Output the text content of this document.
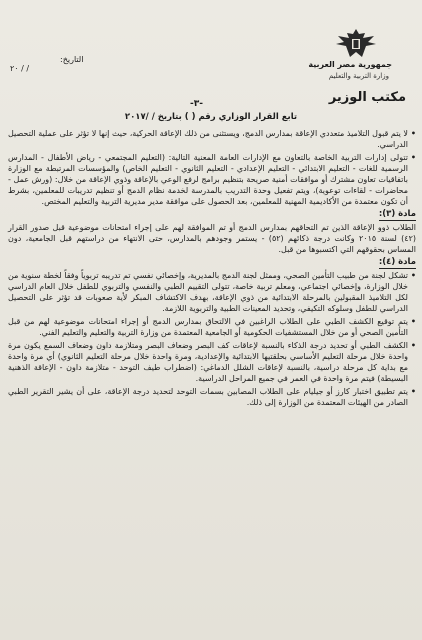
جمهورية مصر العربية
وزارة التربية والتعليم
مكتب الوزير
التاريخ:
٢٠ / /
-٣-
تابع القرار الوزاري رقم ( ) بتاريخ / /٢٠١٧

• لا يتم قبول التلاميذ متعددي الإعاقة بمدارس الدمج، ويستثنى من ذلك الإعاقة الحركية، حيث إنها لا تؤثر على عملية التحصيل الدراسي.

• تتولى إدارات التربية الخاصة بالتعاون مع الإدارات العامة المعنية التالية: (التعليم المجتمعي - رياض الأطفال - المدارس الرسمية للغات - التعليم الابتدائي - التعليم الإعدادي - التعليم الثانوي - التعليم الخاص) والمؤسسات المرتبطة مع الوزارة باتفاقيات تعاون مشترك أو موافقات أمنية صريحة بتنظيم برامج لرفع الوعي بالإعاقة وذوي الإعاقة من خلال: (ورش عمل - محاضرات - لقاءات توعوية)، ويتم تفعيل وحدة التدريب بالمدرسة لخدمة نظام الدمج أو تنظيم تدريبات للمعلمين، بشرط أن تكون معتمدة من الأكاديمية المهنية للمعلمين، بعد الحصول على موافقة مدير مديرية التربية والتعليم المختص.

مادة (٣):

الطلاب ذوو الإعاقة الذين تم التحاقهم بمدارس الدمج أو تم الموافقة لهم على إجراء امتحانات موضوعية قبل صدور القرار (٤٢) لسنة ٢٠١٥ وكانت درجة ذكائهم (٥٢) - يستمر وجودهم بالمدارس، حتى الانتهاء من دراستهم قبل الجامعية، دون المساس بحقوقهم التي اكتسبوها من قبل.

مادة (٤):

• تشكل لجنة من طبيب التأمين الصحي، وممثل لجنة الدمج بالمديرية، وإخصائي نفسي تم تدريبه تربوياً وفقاً لخطة سنوية من خلال الوزارة، وإخصائي اجتماعي، ومعلم تربية خاصة، تتولى التقييم الطبي والنفسي والتربوي للطفل خلال العام الدراسي لكل التلاميذ المقبولين بالمرحلة الابتدائية من ذوي الإعاقة، بهدف الاكتشاف المبكر لأية صعوبات قد تؤثر على التحصيل الدراسي للطفل وسلوكه التكيفي، وتحديد المعينات الطبية والتربوية اللازمة.

• يتم توقيع الكشف الطبي على الطلاب الراغبين في الالتحاق بمدارس الدمج أو إجراء امتحانات موضوعية لهم من قبل التأمين الصحي أو من خلال المستشفيات الحكومية أو الجامعية المعتمدة من وزارة التربية والتعليم والتعليم الفني.

• الكشف الطبي أو تحديد درجة الذكاء بالنسبة لإعاقات كف البصر وضعاف البصر ومتلازمة داون وضعاف السمع يكون مرة واحدة خلال مرحلة التعليم الأساسي بحلقتيها الابتدائية والإعدادية، ومرة واحدة خلال مرحلة التعليم الثانوي) أي مرة واحدة مع بداية كل مرحلة دراسية، بالنسبة لإعاقات الشلل الدماغي: (اضطراب طيف التوحد - متلازمة داون - الإعاقة الذهنية البسيطة) فيتم مرة واحدة في العمر في جميع المراحل الدراسية.

• يتم تطبيق اختبار كارز أو جيليام على الطلاب المصابين بسمات التوحد لتحديد درجة الإعاقة، على أن يشير التقرير الطبي الصادر من الهيئات المعتمدة من الوزارة إلى ذلك.
